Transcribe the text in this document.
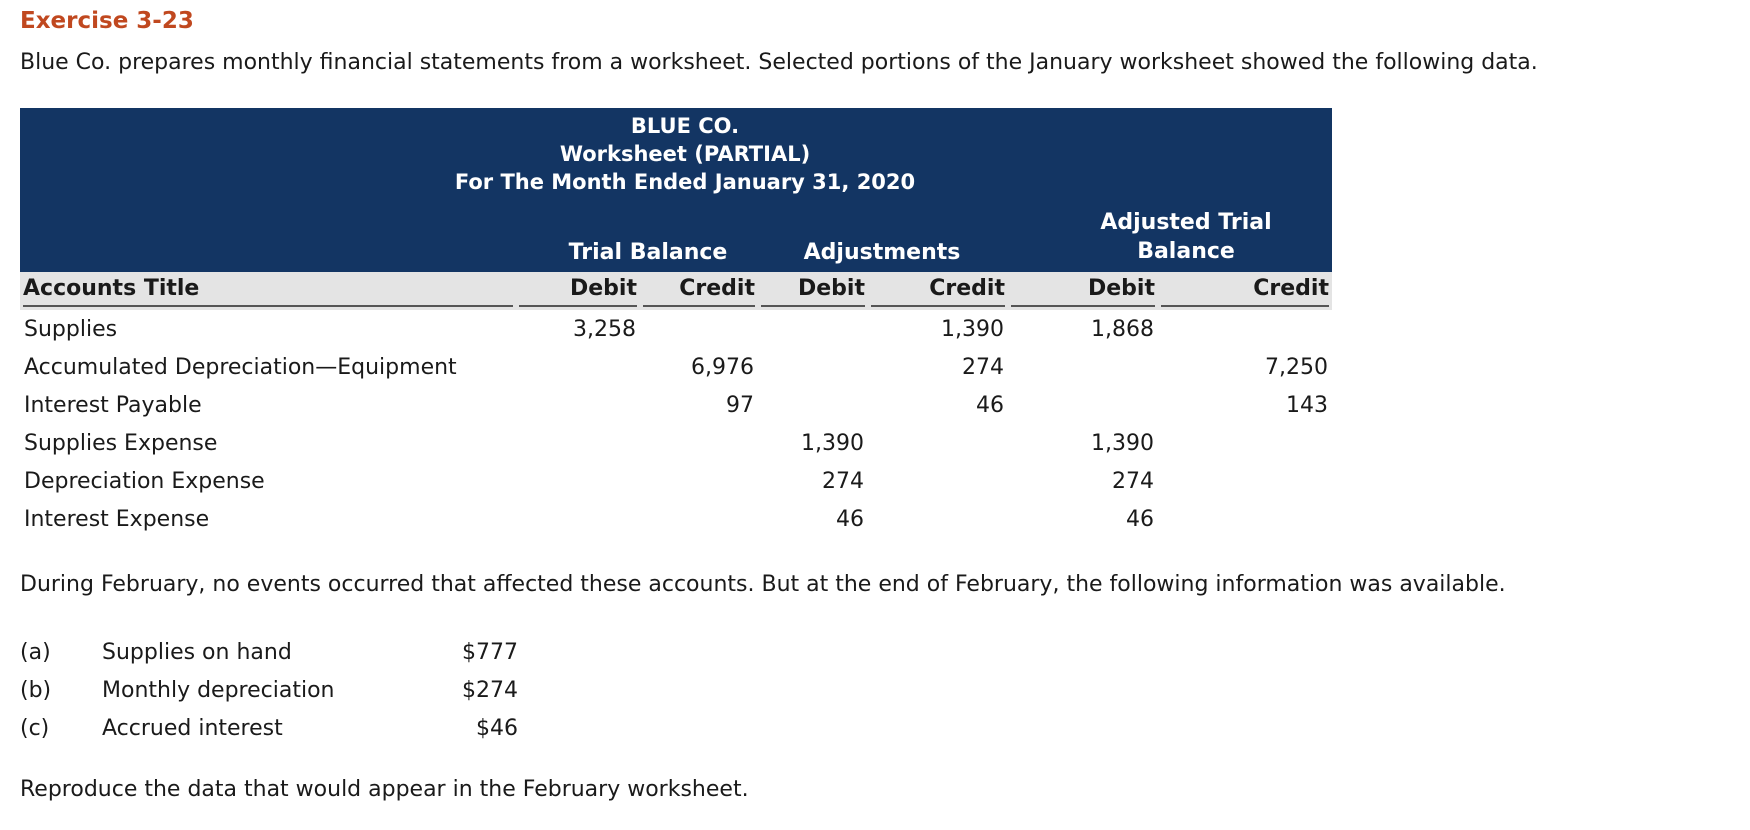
Exercise 3-23

Blue Co. prepares monthly financial statements from a worksheet. Selected portions of the January worksheet showed the following data.

BLUE CO.
Worksheet (PARTIAL)
For The Month Ended January 31, 2020
Trial Balance	Adjustments
Adjusted Trial
Balance
Accounts Title	Debit	Credit	Debit	Credit	Debit	Credit

Supplies	3,258			1,390	1,868	
Accumulated Depreciation—Equipment		6,976		274		7,250
Interest Payable		97		46		143
Supplies Expense			1,390		1,390	
Depreciation Expense			274		274	
Interest Expense			46		46	

During February, no events occurred that affected these accounts. But at the end of February, the following information was available.

(a)	Supplies on hand	$777
(b)	Monthly depreciation	$274
(c)	Accrued interest	$46

Reproduce the data that would appear in the February worksheet.
